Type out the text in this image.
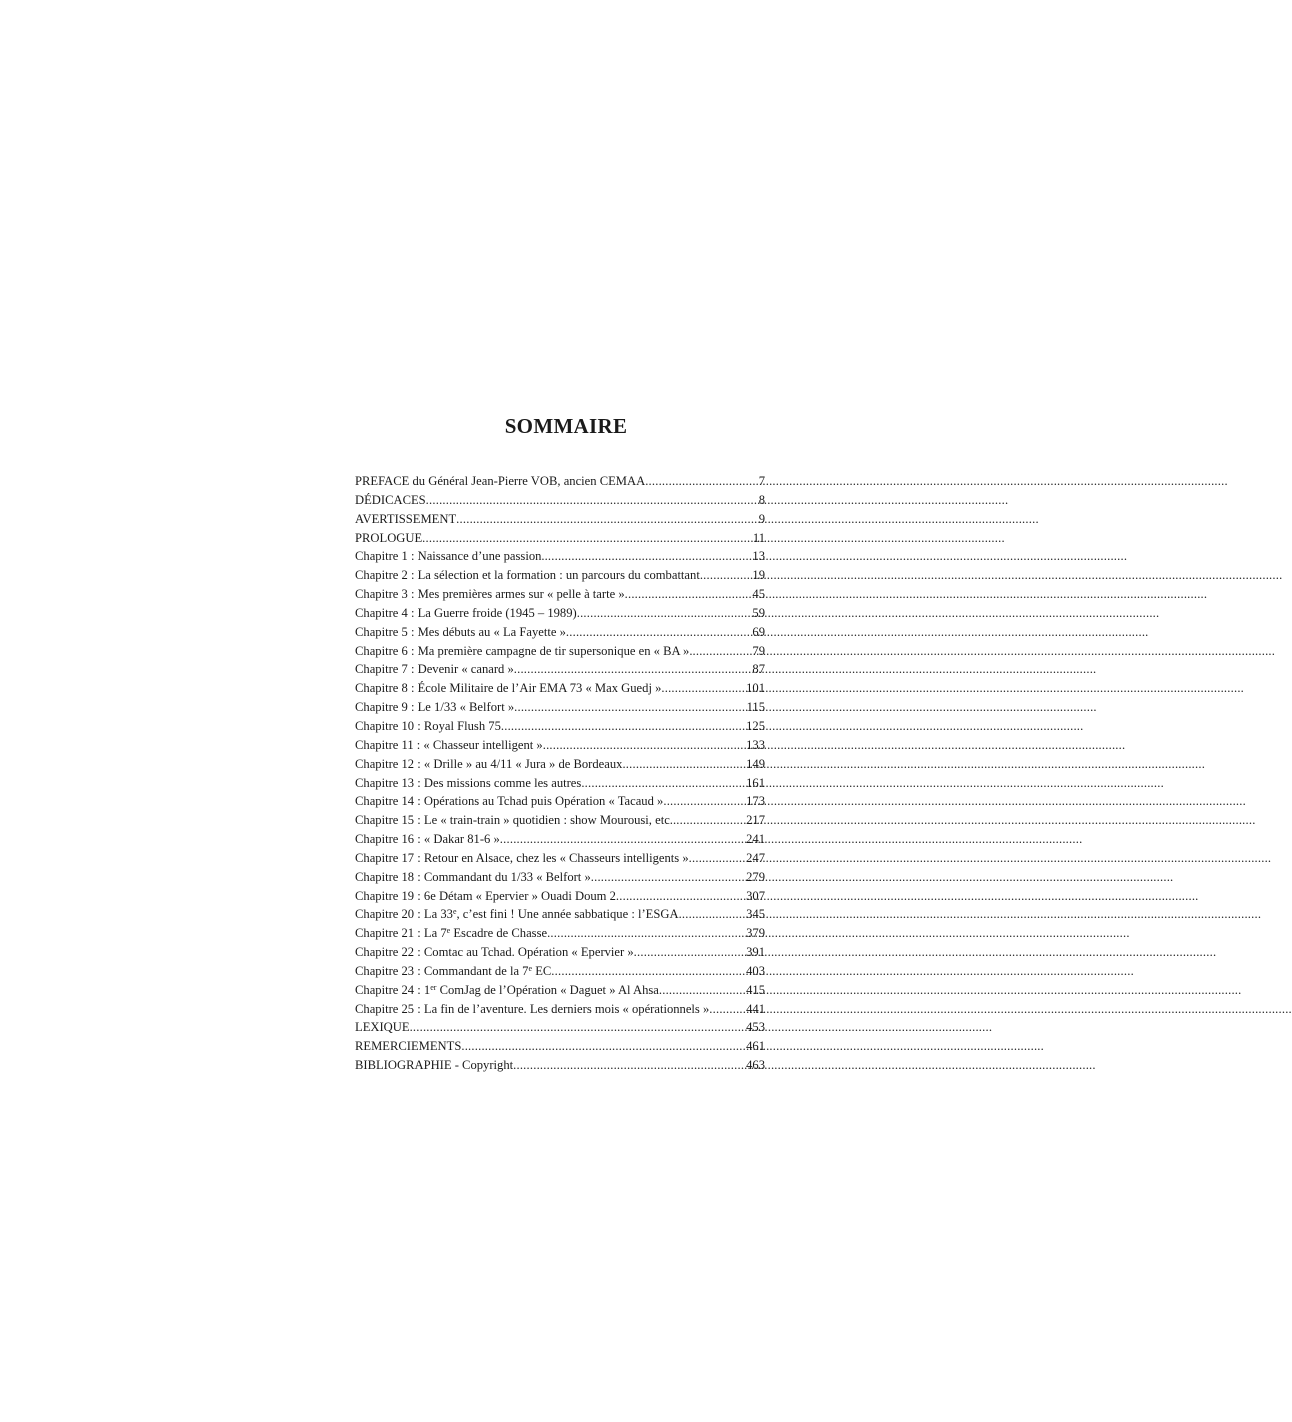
SOMMAIRE
PREFACE du Général Jean-Pierre VOB, ancien CEMAA .....	7
DÉDICACES .....	8
AVERTISSEMENT .....	9
PROLOGUE .....	11
Chapitre 1 : Naissance d’une passion. .....	13
Chapitre 2 : La sélection et la formation : un parcours du combattant .....	19
Chapitre 3 : Mes premières armes sur « pelle à tarte » .....	45
Chapitre 4 : La Guerre froide (1945 – 1989) .....	59
Chapitre 5 : Mes débuts au « La Fayette » .....	69
Chapitre 6 : Ma première campagne de tir supersonique en « BA ». .....	79
Chapitre 7 : Devenir « canard » .....	87
Chapitre 8 : École Militaire de l’Air EMA 73 « Max Guedj » .....	101
Chapitre 9 : Le 1/33 « Belfort » .....	115
Chapitre 10 : Royal Flush 75 .....	125
Chapitre 11 : « Chasseur intelligent » .....	133
Chapitre 12 : « Drille » au 4/11 « Jura » de Bordeaux .....	149
Chapitre 13 : Des missions comme les autres .....	161
Chapitre 14 : Opérations au Tchad puis Opération « Tacaud » .....	173
Chapitre 15 : Le « train-train » quotidien : show Mourousi, etc. .....	217
Chapitre 16 : « Dakar 81-6 » .....	241
Chapitre 17 : Retour en Alsace, chez les « Chasseurs intelligents » .....	247
Chapitre 18 : Commandant du 1/33 « Belfort » .....	279
Chapitre 19 : 6e Détam « Epervier » Ouadi Doum 2 .....	307
Chapitre 20 : La 33e, c’est fini ! Une année sabbatique : l’ESGA .....	345
Chapitre 21 : La 7e Escadre de Chasse .....	379
Chapitre 22 : Comtac au Tchad. Opération « Epervier » .....	391
Chapitre 23 : Commandant de la 7e EC .....	403
Chapitre 24 : 1er ComJag de l’Opération « Daguet » Al Ahsa .....	415
Chapitre 25 : La fin de l’aventure. Les derniers mois « opérationnels » .....	441
LEXIQUE .....	453
REMERCIEMENTS .....	461
BIBLIOGRAPHIE - Copyright .....	463
